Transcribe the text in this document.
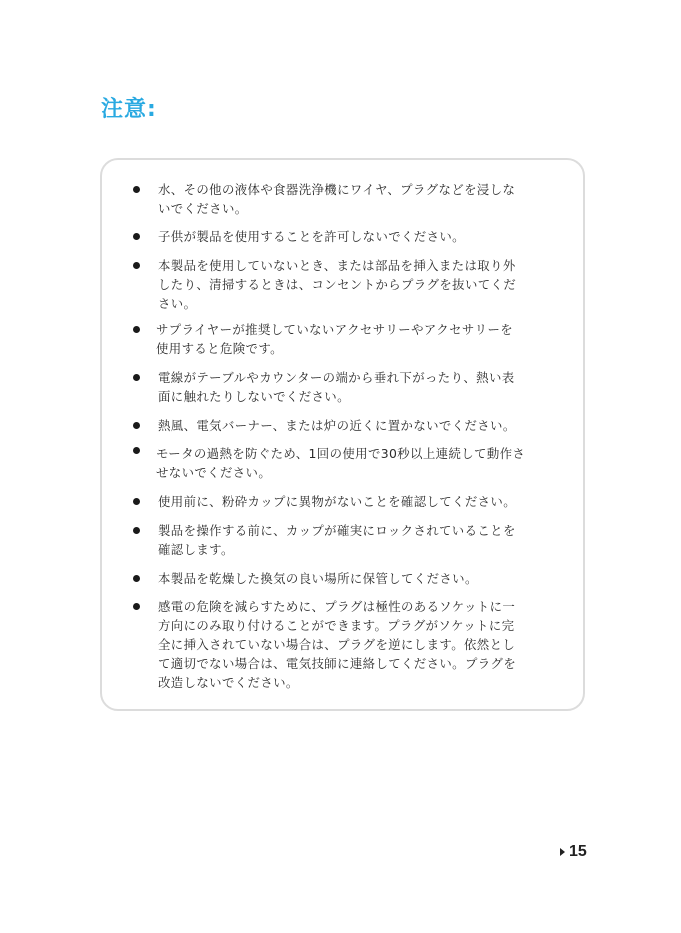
注意:

水、その他の液体や食器洗浄機にワイヤ、プラグなどを浸しな
いでください。

子供が製品を使用することを許可しないでください。

本製品を使用していないとき、または部品を挿入または取り外
したり、清掃するときは、コンセントからプラグを抜いてくだ
さい。

サプライヤーが推奨していないアクセサリーやアクセサリーを
使用すると危険です。

電線がテーブルやカウンターの端から垂れ下がったり、熱い表
面に触れたりしないでください。

熱風、電気バーナー、または炉の近くに置かないでください。

モータの過熱を防ぐため、1回の使用で30秒以上連続して動作さ
せないでください。

使用前に、粉砕カップに異物がないことを確認してください。

製品を操作する前に、カップが確実にロックされていることを
確認します。

本製品を乾燥した換気の良い場所に保管してください。

感電の危険を減らすために、プラグは極性のあるソケットに一
方向にのみ取り付けることができます。プラグがソケットに完
全に挿入されていない場合は、プラグを逆にします。依然とし
て適切でない場合は、電気技師に連絡してください。プラグを
改造しないでください。

15
